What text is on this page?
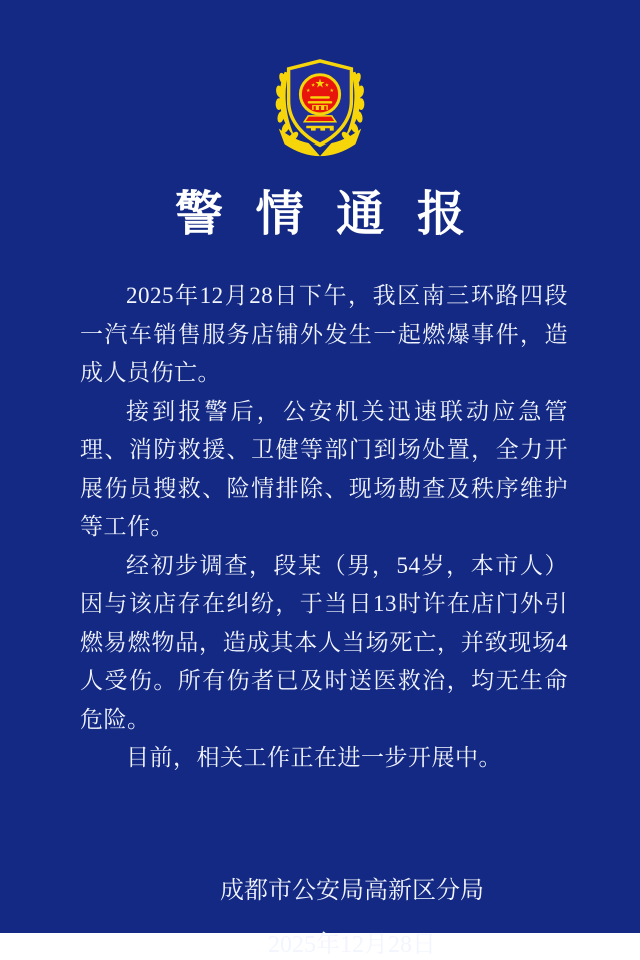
警情通报

2025年12月28日下午，我区南三环路四段一汽车销售服务店铺外发生一起燃爆事件，造成人员伤亡。

接到报警后，公安机关迅速联动应急管理、消防救援、卫健等部门到场处置，全力开展伤员搜救、险情排除、现场勘查及秩序维护等工作。

经初步调查，段某（男，54岁，本市人）因与该店存在纠纷，于当日13时许在店门外引燃易燃物品，造成其本人当场死亡，并致现场4人受伤。所有伤者已及时送医救治，均无生命危险。

目前，相关工作正在进一步开展中。

成都市公安局高新区分局
2025年12月28日
